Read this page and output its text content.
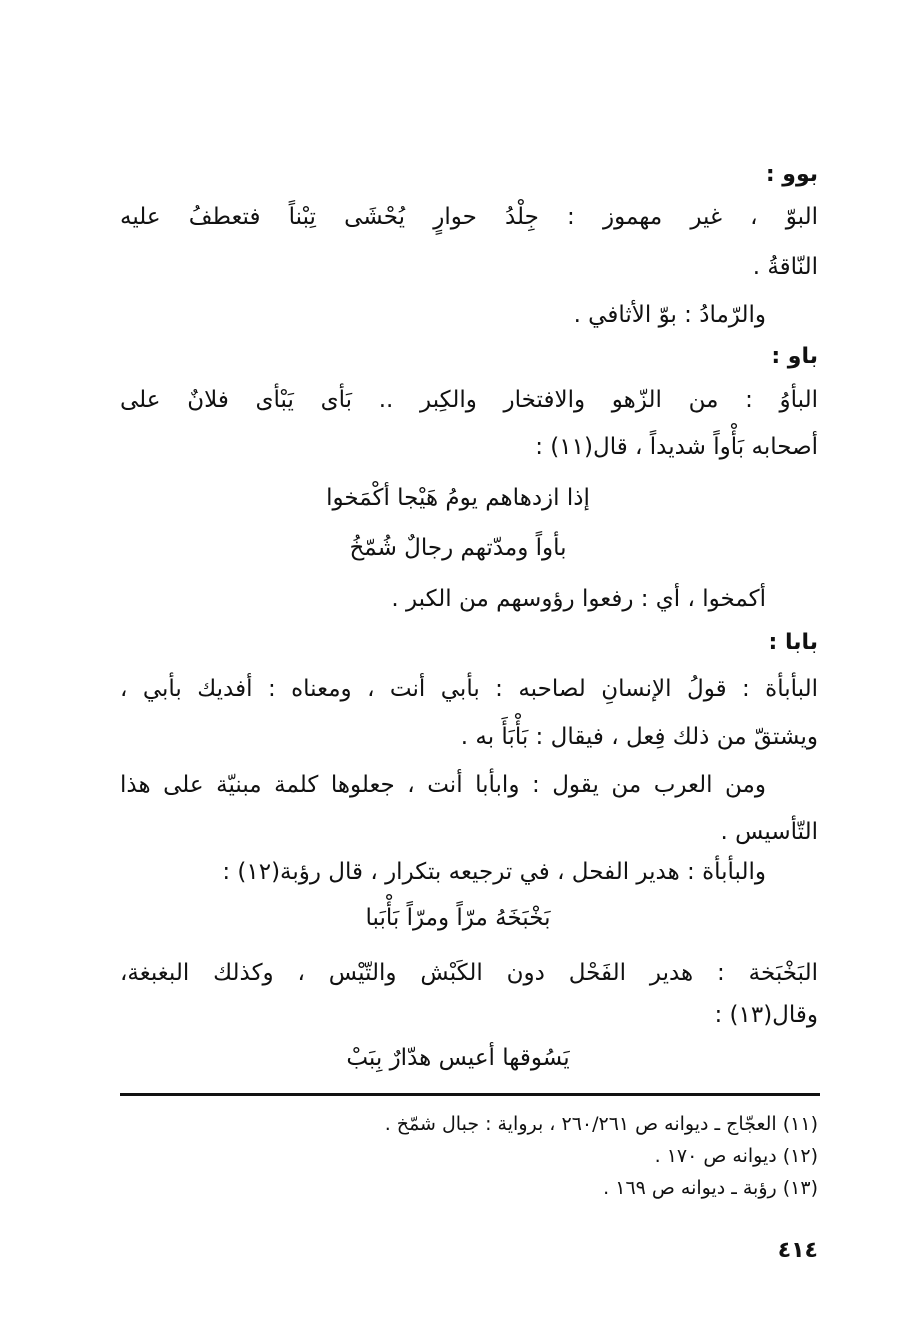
بوو :
البوّ ، غير مهموز : جِلْدُ حوارٍ يُحْشَى تِبْناً فتعطفُ عليه
النّاقةُ .
والرّمادُ : بوّ الأثافي .
باو :
البأوُ : من الزّهو والافتخار والكِبر .. بَأى يَبْأى فلانٌ على
أصحابه بَأْواً شديداً ، قال(١١) :
إذا ازدهاهم يومُ هَيْجا أكْمَخوا
بأواً ومدّتهم رجالٌ شُمّخُ
أكمخوا ، أي : رفعوا رؤوسهم من الكبر .
بابا :
البأبأة : قولُ الإنسانِ لصاحبه : بأبي أنت ، ومعناه : أفديك بأبي ،
ويشتقّ من ذلك فِعل ، فيقال : بَأْبَأَ به .
ومن العرب من يقول : وابأبا أنت ، جعلوها كلمة مبنيّة على هذا
التّأسيس .
والبأبأة : هدير الفحل ، في ترجيعه بتكرار ، قال رؤبة(١٢) :
بَخْبَخَهُ مرّاً ومرّاً بَأْبَبا
البَخْبَخة : هدير الفَحْل دون الكَبْش والتّيْس ، وكذلك البغبغة،
وقال(١٣) :
يَسُوقها أعيس هدّارٌ بِبَبْ
(١١) العجّاج ـ ديوانه ص ٢٦٠/٢٦١ ، برواية : جبال شمّخ .
(١٢) ديوانه ص ١٧٠ .
(١٣) رؤبة ـ ديوانه ص ١٦٩ .
٤١٤
